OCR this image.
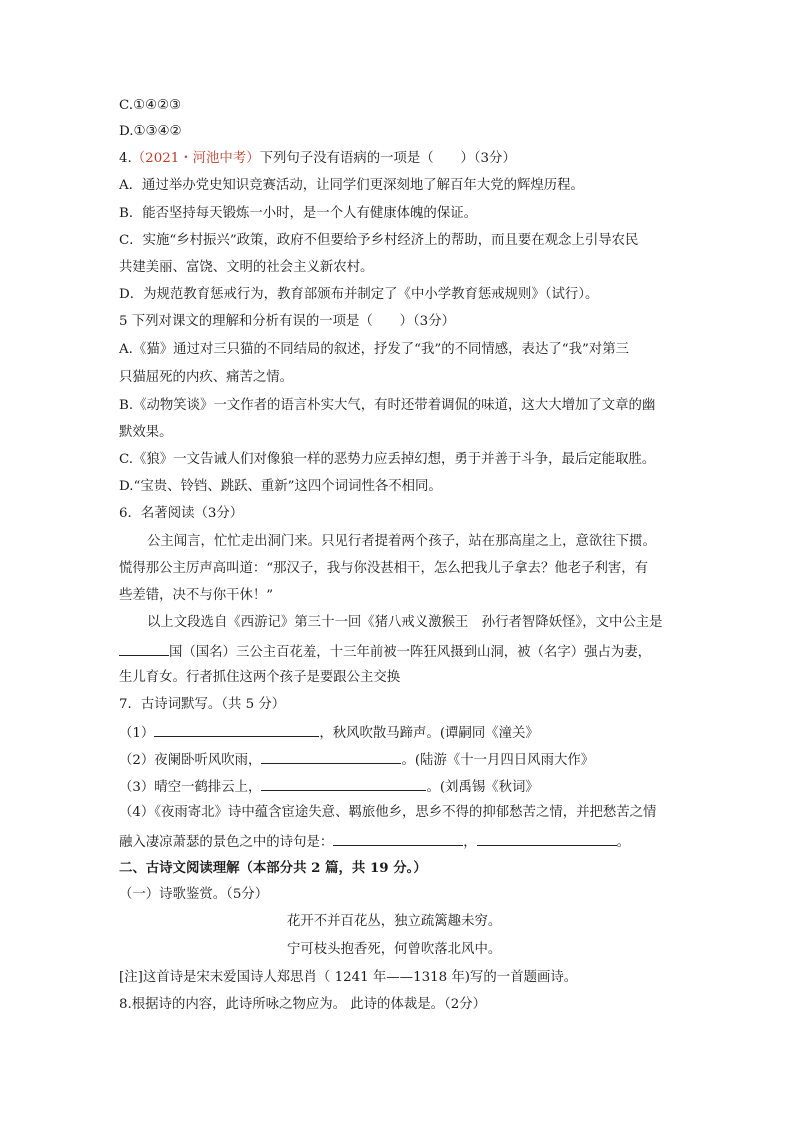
C.①④②③
D.①③④②
4.（2021・河池中考）下列句子没有语病的一项是（　　）（3分）
A．通过举办党史知识竞赛活动，让同学们更深刻地了解百年大党的辉煌历程。
B．能否坚持每天锻炼一小时，是一个人有健康体魄的保证。
C．实施“乡村振兴”政策，政府不但要给予乡村经济上的帮助，而且要在观念上引导农民
共建美丽、富饶、文明的社会主义新农村。
D．为规范教育惩戒行为，教育部颁布并制定了《中小学教育惩戒规则》（试行）。
5 下列对课文的理解和分析有误的一项是（　　）（3分）
A.《猫》通过对三只猫的不同结局的叙述，抒发了“我”的不同情感，表达了“我”对第三
只猫屈死的内疚、痛苦之情。
B.《动物笑谈》一文作者的语言朴实大气，有时还带着调侃的味道，这大大增加了文章的幽
默效果。
C.《狼》一文告诫人们对像狼一样的恶势力应丢掉幻想，勇于并善于斗争，最后定能取胜。
D.“宝贵、铃铛、跳跃、重新”这四个词词性各不相同。
6．名著阅读（3分）
公主闻言，忙忙走出洞门来。只见行者提着两个孩子，站在那高崖之上，意欲往下掼。
慌得那公主厉声高叫道：“那汉子，我与你没甚相干，怎么把我儿子拿去？他老子利害，有
些差错，决不与你干休！”
以上文段选自《西游记》第三十一回《猪八戒义激猴王　孙行者智降妖怪》，文中公主是
国（国名）三公主百花羞，十三年前被一阵狂风摄到山洞，被（名字）强占为妻，
生儿育女。行者抓住这两个孩子是要跟公主交换
7．古诗词默写。（共 5 分）
（1）	，秋风吹散马蹄声。(谭嗣同《潼关》
（2）夜阑卧听风吹雨，	。(陆游《十一月四日风雨大作》
（3）晴空一鹤排云上，	。(刘禹锡《秋词》
（4）《夜雨寄北》诗中蕴含宦途失意、羁旅他乡，思乡不得的抑郁愁苦之情，并把愁苦之情
融入凄凉萧瑟的景色之中的诗句是：	，	。
二、古诗文阅读理解（本部分共 2 篇，共 19 分。）
（一）诗歌鉴赏。（5分）
花开不并百花丛，独立疏篱趣未穷。
宁可枝头抱香死，何曾吹落北风中。
[注]这首诗是宋末爱国诗人郑思肖（ 1241 年——1318 年)写的一首题画诗。
8.根据诗的内容，此诗所咏之物应为。 此诗的体裁是。（2分）
